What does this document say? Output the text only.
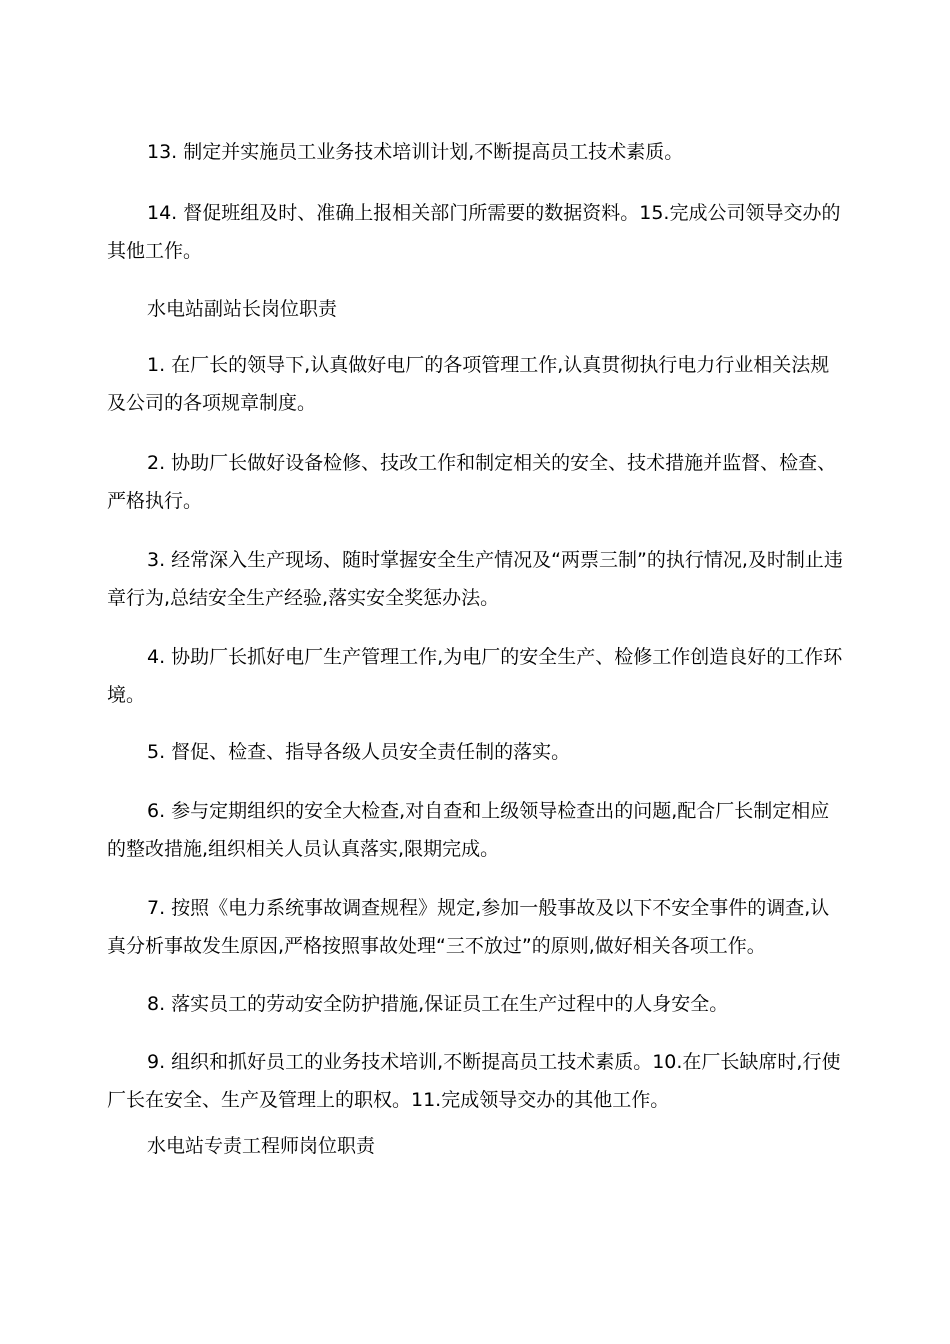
13. 制定并实施员工业务技术培训计划,不断提高员工技术素质。

14. 督促班组及时、准确上报相关部门所需要的数据资料。15.完成公司领导交办的其他工作。

水电站副站长岗位职责

1. 在厂长的领导下,认真做好电厂的各项管理工作,认真贯彻执行电力行业相关法规及公司的各项规章制度。

2. 协助厂长做好设备检修、技改工作和制定相关的安全、技术措施并监督、检查、严格执行。

3. 经常深入生产现场、随时掌握安全生产情况及“两票三制”的执行情况,及时制止违章行为,总结安全生产经验,落实安全奖惩办法。

4. 协助厂长抓好电厂生产管理工作,为电厂的安全生产、检修工作创造良好的工作环境。

5. 督促、检查、指导各级人员安全责任制的落实。

6. 参与定期组织的安全大检查,对自查和上级领导检查出的问题,配合厂长制定相应的整改措施,组织相关人员认真落实,限期完成。

7. 按照《电力系统事故调查规程》规定,参加一般事故及以下不安全事件的调查,认真分析事故发生原因,严格按照事故处理“三不放过”的原则,做好相关各项工作。

8. 落实员工的劳动安全防护措施,保证员工在生产过程中的人身安全。

9. 组织和抓好员工的业务技术培训,不断提高员工技术素质。10.在厂长缺席时,行使厂长在安全、生产及管理上的职权。11.完成领导交办的其他工作。

水电站专责工程师岗位职责
